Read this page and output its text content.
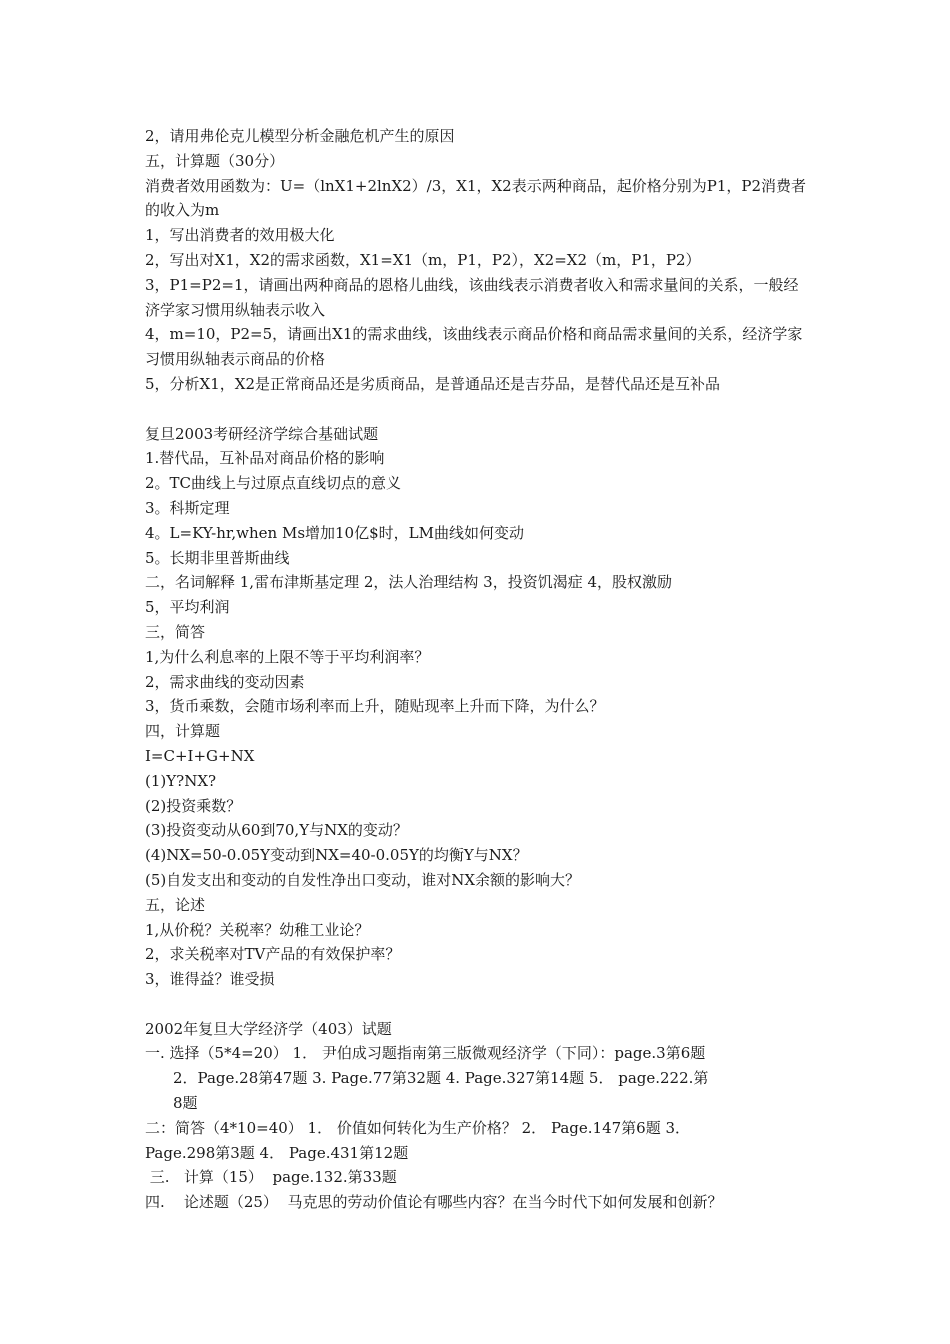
2，请用弗伦克儿模型分析金融危机产生的原因
五，计算题（30分）
消费者效用函数为：U=（lnX1+2lnX2）/3，X1，X2表示两种商品，起价格分别为P1，P2消费者的收入为m
1，写出消费者的效用极大化
2，写出对X1，X2的需求函数，X1=X1（m，P1，P2），X2=X2（m，P1，P2）
3，P1=P2=1，请画出两种商品的恩格儿曲线，该曲线表示消费者收入和需求量间的关系，一般经济学家习惯用纵轴表示收入
4，m=10，P2=5，请画出X1的需求曲线，该曲线表示商品价格和商品需求量间的关系，经济学家习惯用纵轴表示商品的价格
5，分析X1，X2是正常商品还是劣质商品，是普通品还是吉芬品，是替代品还是互补品
复旦2003考研经济学综合基础试题
1.替代品，互补品对商品价格的影响
2。TC曲线上与过原点直线切点的意义
3。科斯定理
4。L=KY-hr,when Ms增加10亿$时，LM曲线如何变动
5。长期非里普斯曲线
二，名词解释 1,雷布津斯基定理 2，法人治理结构 3，投资饥渴症 4，股权激励
5，平均利润
三，简答
1,为什么利息率的上限不等于平均利润率？
2，需求曲线的变动因素
3，货币乘数，会随市场利率而上升，随贴现率上升而下降，为什么？
四，计算题
I=C+I+G+NX
(1)Y?NX?
(2)投资乘数？
(3)投资变动从60到70,Y与NX的变动？
(4)NX=50-0.05Y变动到NX=40-0.05Y的均衡Y与NX？
(5)自发支出和变动的自发性净出口变动，谁对NX余额的影响大？
五，论述
1,从价税？关税率？幼稚工业论？
2，求关税率对TV产品的有效保护率？
3，谁得益？谁受损
2002年复旦大学经济学（403）试题
一. 选择（5*4=20） 1． 尹伯成习题指南第三版微观经济学（下同）：page.3第6题
2．Page.28第47题 3. Page.77第32题 4. Page.327第14题 5． page.222.第
8题
二：简答（4*10=40） 1． 价值如何转化为生产价格？ 2． Page.147第6题 3．
Page.298第3题 4． Page.431第12题
三.   计算（15）  page.132.第33题
四.    论述题（25）  马克思的劳动价值论有哪些内容？在当今时代下如何发展和创新？
